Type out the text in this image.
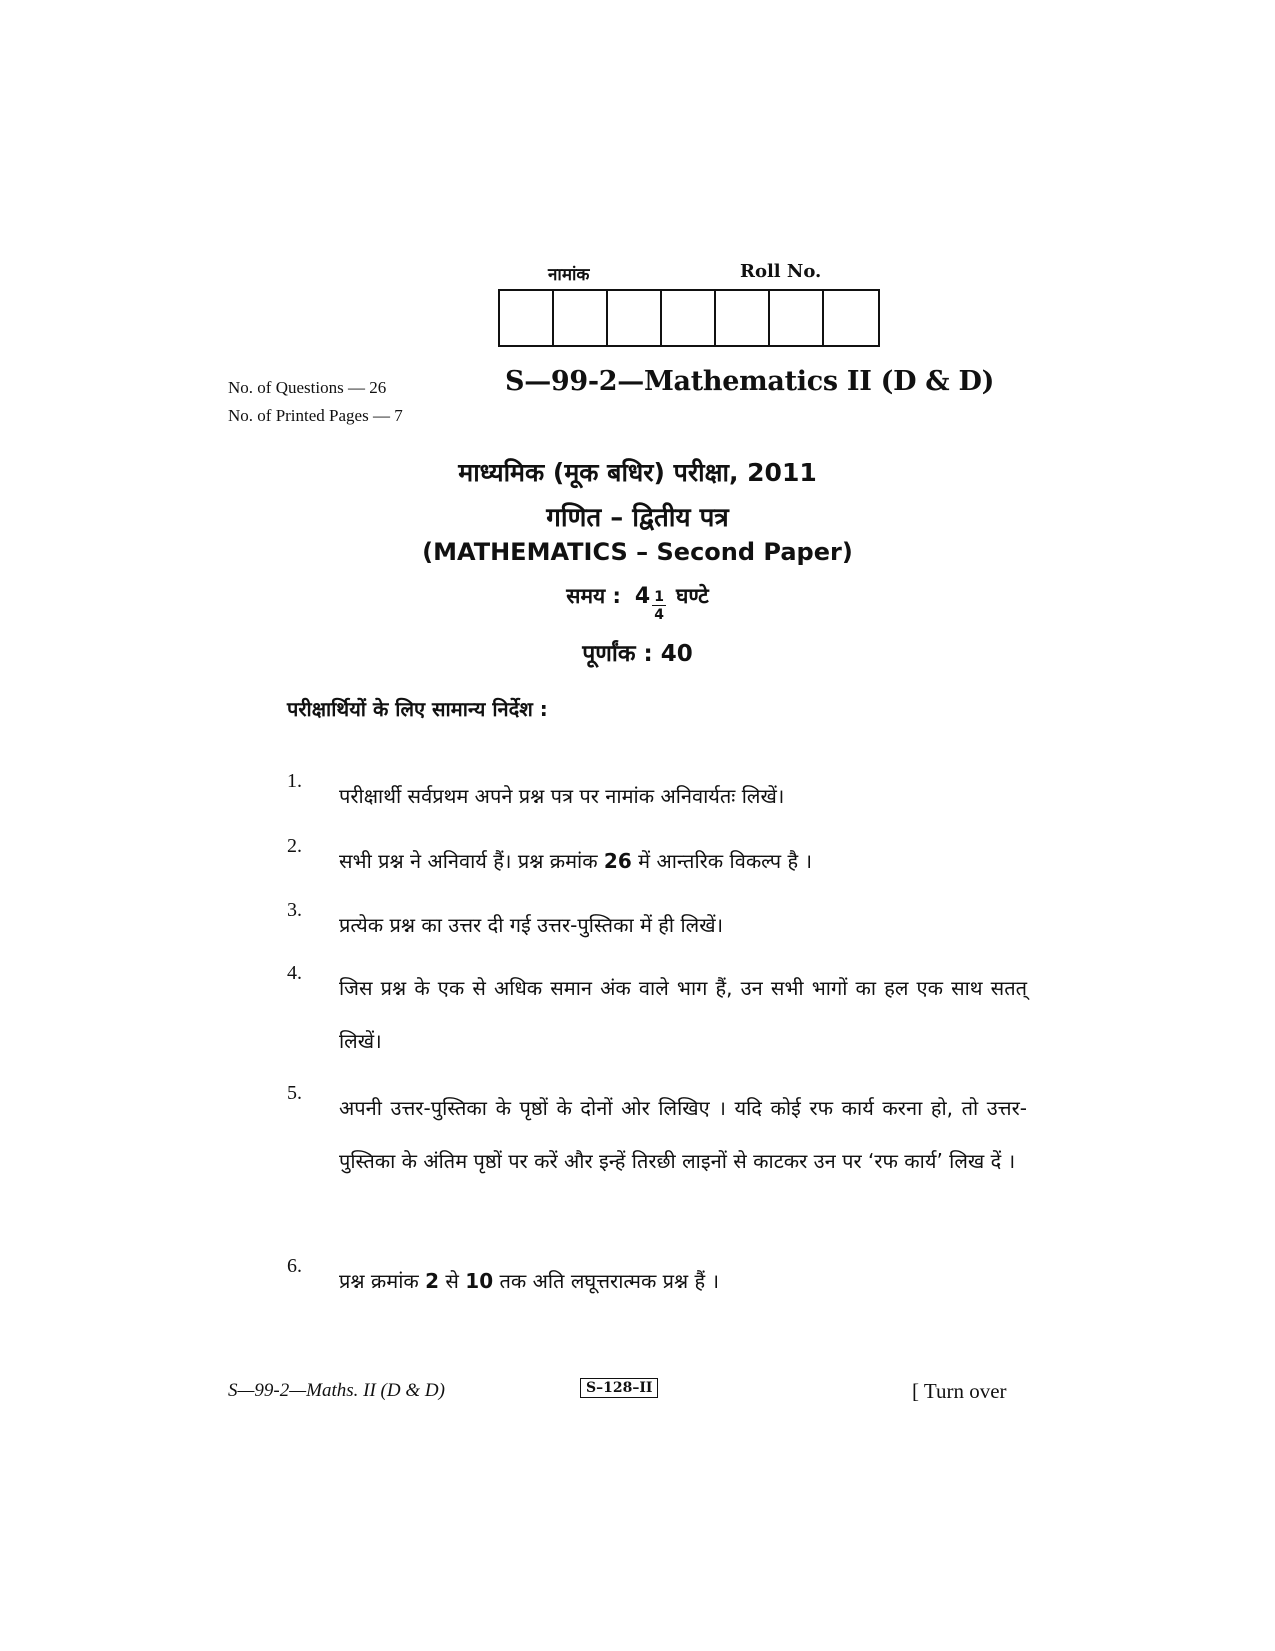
नामांक	Roll No.
No. of Questions — 26
No. of Printed Pages — 7
S—99-2—Mathematics II (D & D)
माध्यमिक (मूक बधिर) परीक्षा, 2011
गणित – द्वितीय पत्र
(MATHEMATICS – Second Paper)
समय : $4 \frac{1}{4}$ घण्टे
पूर्णांक : 40
परीक्षार्थियों के लिए सामान्य निर्देश :
1.
परीक्षार्थी सर्वप्रथम अपने प्रश्न पत्र पर नामांक अनिवार्यतः लिखें।
2.
सभी प्रश्न ने अनिवार्य हैं। प्रश्न क्रमांक 26 में आन्तरिक विकल्प है ।
3.
प्रत्येक प्रश्न का उत्तर दी गई उत्तर-पुस्तिका में ही लिखें।
4.
जिस प्रश्न के एक से अधिक समान अंक वाले भाग हैं, उन सभी भागों का हल एक साथ सतत् लिखें।
5.
अपनी उत्तर-पुस्तिका के पृष्ठों के दोनों ओर लिखिए । यदि कोई रफ कार्य करना हो, तो उत्तर-पुस्तिका के अंतिम पृष्ठों पर करें और इन्हें तिरछी लाइनों से काटकर उन पर ‘रफ कार्य’ लिख दें ।
6.
प्रश्न क्रमांक 2 से 10 तक अति लघूत्तरात्मक प्रश्न हैं ।
S—99-2—Maths. II (D & D)	S–128–II	[ Turn over
